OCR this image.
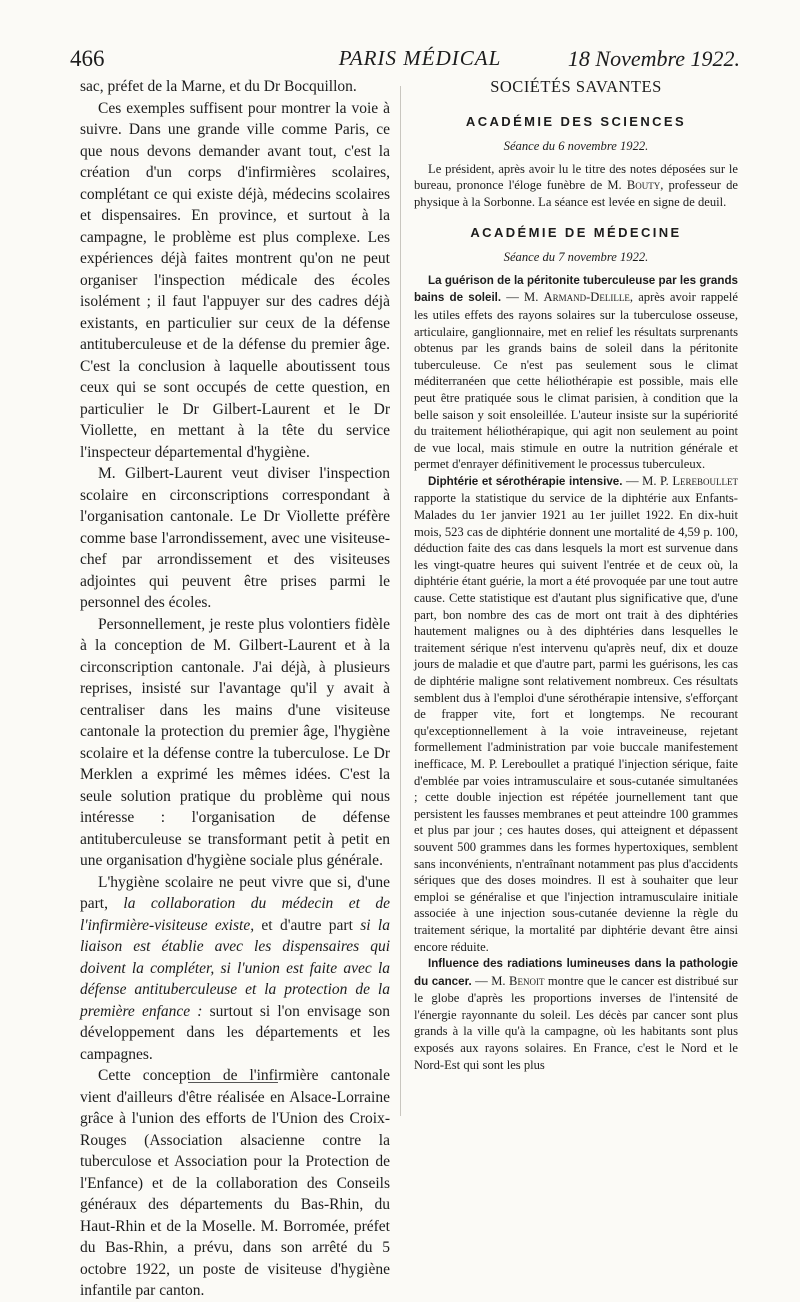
466	PARIS MÉDICAL	18 Novembre 1922.

sac, préfet de la Marne, et du Dr Bocquillon.

Ces exemples suffisent pour montrer la voie à suivre. Dans une grande ville comme Paris, ce que nous devons demander avant tout, c'est la création d'un corps d'infirmières scolaires, complétant ce qui existe déjà, médecins scolaires et dispensaires. En province, et surtout à la campagne, le problème est plus complexe. Les expériences déjà faites montrent qu'on ne peut organiser l'inspection médicale des écoles isolément ; il faut l'appuyer sur des cadres déjà existants, en particulier sur ceux de la défense antituberculeuse et de la défense du premier âge. C'est la conclusion à laquelle aboutissent tous ceux qui se sont occupés de cette question, en particulier le Dr Gilbert-Laurent et le Dr Viollette, en mettant à la tête du service l'inspecteur départemental d'hygiène.

M. Gilbert-Laurent veut diviser l'inspection scolaire en circonscriptions correspondant à l'organisation cantonale. Le Dr Viollette préfère comme base l'arrondissement, avec une visiteuse-chef par arrondissement et des visiteuses adjointes qui peuvent être prises parmi le personnel des écoles.

Personnellement, je reste plus volontiers fidèle à la conception de M. Gilbert-Laurent et à la circonscription cantonale. J'ai déjà, à plusieurs reprises, insisté sur l'avantage qu'il y avait à centraliser dans les mains d'une visiteuse cantonale la protection du premier âge, l'hygiène scolaire et la défense contre la tuberculose. Le Dr Merklen a exprimé les mêmes idées. C'est la seule solution pratique du problème qui nous intéresse : l'organisation de défense antituberculeuse se transformant petit à petit en une organisation d'hygiène sociale plus générale.

L'hygiène scolaire ne peut vivre que si, d'une part, la collaboration du médecin et de l'infirmière-visiteuse existe, et d'autre part si la liaison est établie avec les dispensaires qui doivent la compléter, si l'union est faite avec la défense antituberculeuse et la protection de la première enfance : surtout si l'on envisage son développement dans les départements et les campagnes.

Cette conception de l'infirmière cantonale vient d'ailleurs d'être réalisée en Alsace-Lorraine grâce à l'union des efforts de l'Union des Croix-Rouges (Association alsacienne contre la tuberculose et Association pour la Protection de l'Enfance) et de la collaboration des Conseils généraux des départements du Bas-Rhin, du Haut-Rhin et de la Moselle. M. Borromée, préfet du Bas-Rhin, a prévu, dans son arrêté du 5 octobre 1922, un poste de visiteuse d'hygiène infantile par canton.

SOCIÉTÉS SAVANTES
ACADÉMIE DES SCIENCES
Séance du 6 novembre 1922.

Le président, après avoir lu le titre des notes déposées sur le bureau, prononce l'éloge funèbre de M. Bouty, professeur de physique à la Sorbonne. La séance est levée en signe de deuil.

ACADÉMIE DE MÉDECINE
Séance du 7 novembre 1922.

La guérison de la péritonite tuberculeuse par les grands bains de soleil. — M. Armand-Delille, après avoir rappelé les utiles effets des rayons solaires sur la tuberculose osseuse, articulaire, ganglionnaire, met en relief les résultats surprenants obtenus par les grands bains de soleil dans la péritonite tuberculeuse. Ce n'est pas seulement sous le climat méditerranéen que cette héliothérapie est possible, mais elle peut être pratiquée sous le climat parisien, à condition que la belle saison y soit ensoleillée. L'auteur insiste sur la supériorité du traitement héliothérapique, qui agit non seulement au point de vue local, mais stimule en outre la nutrition générale et permet d'enrayer définitivement le processus tuberculeux.

Diphtérie et sérothérapie intensive. — M. P. Lereboullet rapporte la statistique du service de la diphtérie aux Enfants-Malades du 1er janvier 1921 au 1er juillet 1922. En dix-huit mois, 523 cas de diphtérie donnent une mortalité de 4,59 p. 100, déduction faite des cas dans lesquels la mort est survenue dans les vingt-quatre heures qui suivent l'entrée et de ceux où, la diphtérie étant guérie, la mort a été provoquée par une tout autre cause. Cette statistique est d'autant plus significative que, d'une part, bon nombre des cas de mort ont trait à des diphtéries hautement malignes ou à des diphtéries dans lesquelles le traitement sérique n'est intervenu qu'après neuf, dix et douze jours de maladie et que d'autre part, parmi les guérisons, les cas de diphtérie maligne sont relativement nombreux. Ces résultats semblent dus à l'emploi d'une sérothérapie intensive, s'efforçant de frapper vite, fort et longtemps. Ne recourant qu'exceptionnellement à la voie intraveineuse, rejetant formellement l'administration par voie buccale manifestement inefficace, M. P. Lereboullet a pratiqué l'injection sérique, faite d'emblée par voies intramusculaire et sous-cutanée simultanées ; cette double injection est répétée journellement tant que persistent les fausses membranes et peut atteindre 100 grammes et plus par jour ; ces hautes doses, qui atteignent et dépassent souvent 500 grammes dans les formes hypertoxiques, semblent sans inconvénients, n'entraînant notamment pas plus d'accidents sériques que des doses moindres. Il est à souhaiter que leur emploi se généralise et que l'injection intramusculaire initiale associée à une injection sous-cutanée devienne la règle du traitement sérique, la mortalité par diphtérie devant être ainsi encore réduite.

Influence des radiations lumineuses dans la pathologie du cancer. — M. Benoit montre que le cancer est distribué sur le globe d'après les proportions inverses de l'intensité de l'énergie rayonnante du soleil. Les décès par cancer sont plus grands à la ville qu'à la campagne, où les habitants sont plus exposés aux rayons solaires. En France, c'est le Nord et le Nord-Est qui sont les plus
